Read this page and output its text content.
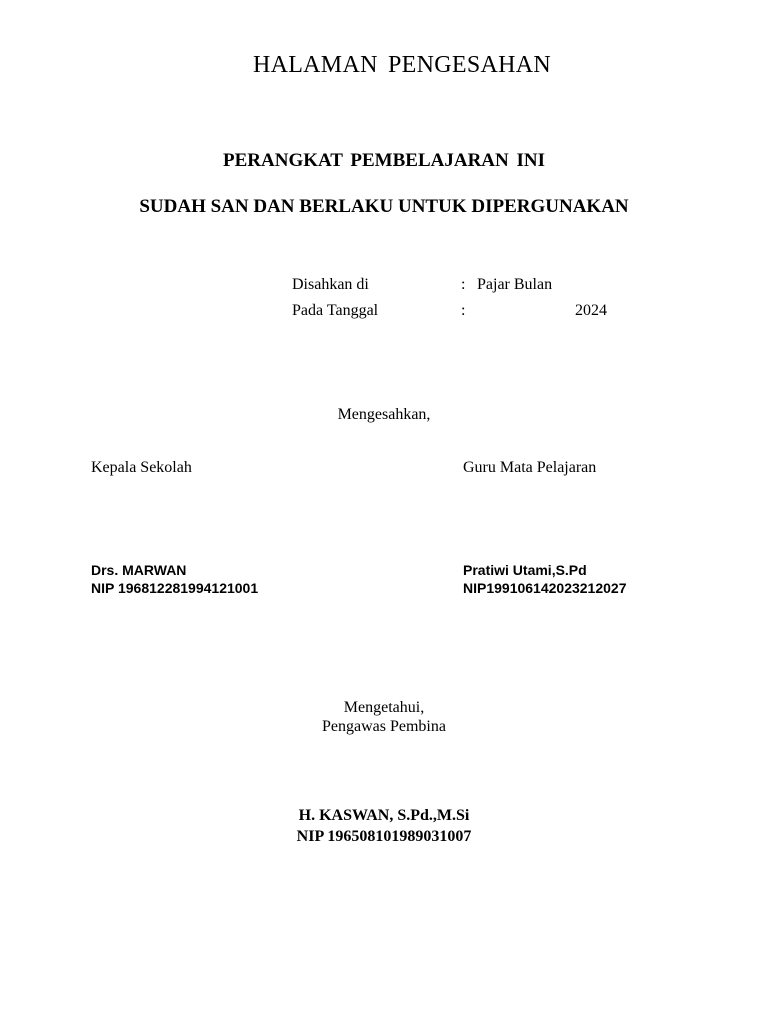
HALAMAN PENGESAHAN
PERANGKAT PEMBELAJARAN INI
SUDAH SAN DAN BERLAKU UNTUK DIPERGUNAKAN
Disahkan di	: Pajar Bulan
Pada Tanggal	:	2024
Mengesahkan,
Kepala Sekolah
Drs. MARWAN
NIP 196812281994121001
Guru Mata Pelajaran
Pratiwi Utami,S.Pd
NIP199106142023212027
Mengetahui,
Pengawas Pembina
H. KASWAN, S.Pd.,M.Si
NIP 196508101989031007
